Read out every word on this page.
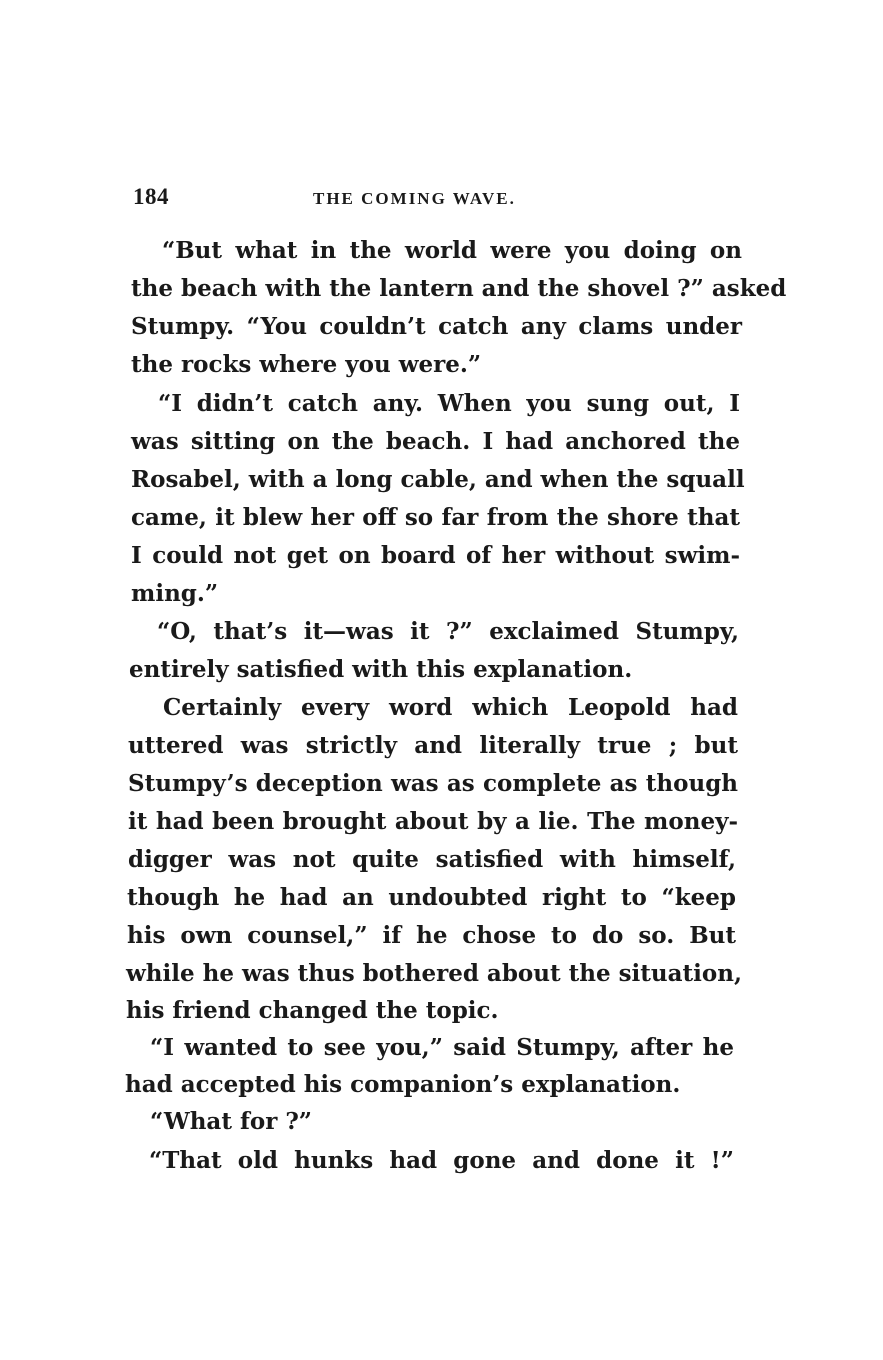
184	THE COMING WAVE.
“But what in the world were you doing on
the beach with the lantern and the shovel ?” asked
Stumpy. “You couldn’t catch any clams under
the rocks where you were.”
“I didn’t catch any. When you sung out, I
was sitting on the beach. I had anchored the
Rosabel, with a long cable, and when the squall
came, it blew her off so far from the shore that
I could not get on board of her without swim-
ming.”
“O, that’s it—was it ?” exclaimed Stumpy,
entirely satisfied with this explanation.
Certainly every word which Leopold had
uttered was strictly and literally true ; but
Stumpy’s deception was as complete as though
it had been brought about by a lie. The money-
digger was not quite satisfied with himself,
though he had an undoubted right to “keep
his own counsel,” if he chose to do so. But
while he was thus bothered about the situation,
his friend changed the topic.
“I wanted to see you,” said Stumpy, after he
had accepted his companion’s explanation.
“What for ?”
“That old hunks had gone and done it !”
